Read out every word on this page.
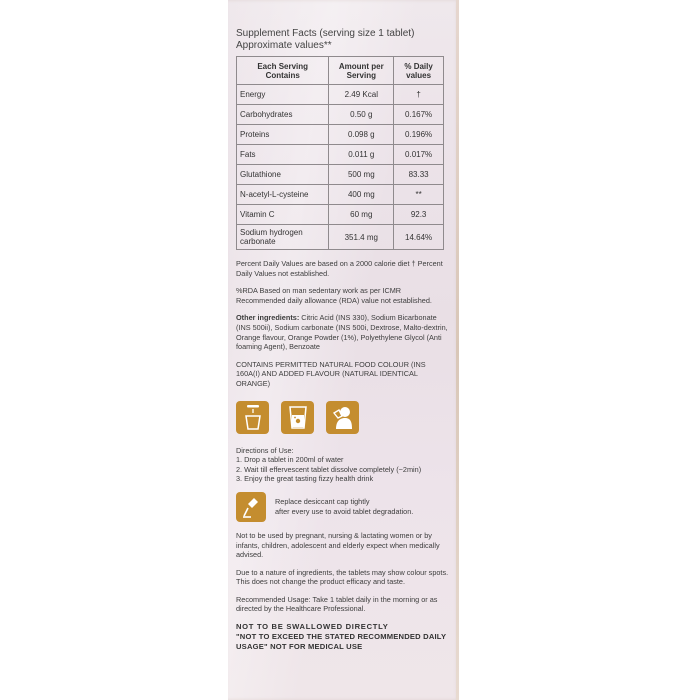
Supplement Facts (serving size 1 tablet)
Approximate values**
Each Serving Contains	Amount per Serving	% Daily values
Energy	2.49 Kcal	†
Carbohydrates	0.50 g	0.167%
Proteins	0.098 g	0.196%
Fats	0.011 g	0.017%
Glutathione	500 mg	83.33
N-acetyl-L-cysteine	400 mg	**
Vitamin C	60 mg	92.3
Sodium hydrogen carbonate	351.4 mg	14.64%

Percent Daily Values are based on a 2000 calorie diet † Percent Daily Values not established.

%RDA Based on man sedentary work as per ICMR Recommended daily allowance (RDA) value not established.

Other ingredients: Citric Acid (INS 330), Sodium Bicarbonate (INS 500ii), Sodium carbonate (INS 500i, Dextrose, Malto-dextrin, Orange flavour, Orange Powder (1%), Polyethylene Glycol (Anti foaming Agent), Benzoate

CONTAINS PERMITTED NATURAL FOOD COLOUR (INS 160A(I) AND ADDED FLAVOUR (NATURAL IDENTICAL ORANGE)

Directions of Use:

1. Drop a tablet in 200ml of water

2. Wait till effervescent tablet dissolve completely (~2min)

3. Enjoy the great tasting fizzy health drink

Replace desiccant cap tightly

after every use to avoid tablet degradation.

Not to be used by pregnant, nursing & lactating women or by infants, children, adolescent and elderly expect when medically advised.

Due to a nature of ingredients, the tablets may show colour spots. This does not change the product efficacy and taste.

Recommended Usage: Take 1 tablet daily in the morning or as directed by the Healthcare Professional.

NOT TO BE SWALLOWED DIRECTLY
"NOT TO EXCEED THE STATED RECOMMENDED DAILY USAGE" NOT FOR MEDICAL USE
